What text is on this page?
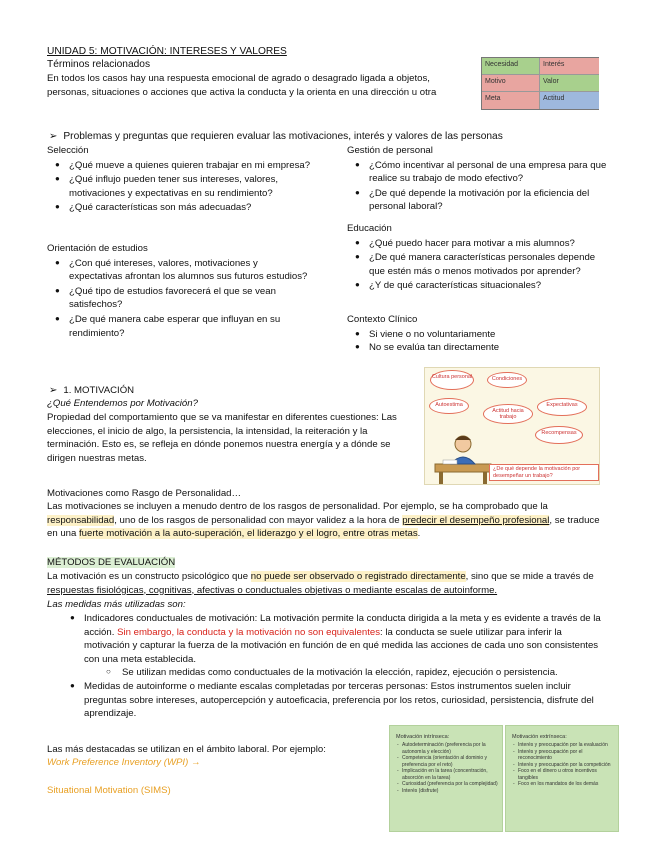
UNIDAD 5: MOTIVACIÓN: INTERESES Y VALORES
Términos relacionados
En todos los casos hay una respuesta emocional de agrado o desagrado ligada a objetos, personas, situaciones o acciones que activa la conducta y la orienta en una dirección u otra
Necesidad	Interés
Motivo	Valor
Meta	Actitud
➢ Problemas y preguntas que requieren evaluar las motivaciones, interés y valores de las personas
Selección
● ¿Qué mueve a quienes quieren trabajar en mi empresa?
● ¿Qué influjo pueden tener sus intereses, valores, motivaciones y expectativas en su rendimiento?
● ¿Qué características son más adecuadas?
Orientación de estudios
● ¿Con qué intereses, valores, motivaciones y expectativas afrontan los alumnos sus futuros estudios?
● ¿Qué tipo de estudios favorecerá el que se vean satisfechos?
● ¿De qué manera cabe esperar que influyan en su rendimiento?
Gestión de personal
● ¿Cómo incentivar al personal de una empresa para que realice su trabajo de modo efectivo?
● ¿De qué depende la motivación por la eficiencia del personal laboral?
Educación
● ¿Qué puedo hacer para motivar a mis alumnos?
● ¿De qué manera características personales depende que estén más o menos motivados por aprender?
● ¿Y de qué características situacionales?
Contexto Clínico
● Si viene o no voluntariamente
● No se evalúa tan directamente
➢ 1. MOTIVACIÓN
¿Qué Entendemos por Motivación?
Propiedad del comportamiento que se va manifestar en diferentes cuestiones: Las elecciones, el inicio de algo, la persistencia, la intensidad, la reiteración y la terminación. Esto es, se refleja en dónde ponemos nuestra energía y a dónde se dirigen nuestras metas.
Cultura personal	Condiciones
Autoestima
Actitud hacia trabajo
Expectativas
Recompensas
¿De qué depende la motivación por desempeñar un trabajo?
Motivaciones como Rasgo de Personalidad…
Las motivaciones se incluyen a menudo dentro de los rasgos de personalidad. Por ejemplo, se ha comprobado que la responsabilidad, uno de los rasgos de personalidad con mayor validez a la hora de predecir el desempeño profesional, se traduce en una fuerte motivación a la auto-superación, el liderazgo y el logro, entre otras metas.
MÉTODOS DE EVALUACIÓN
La motivación es un constructo psicológico que no puede ser observado o registrado directamente, sino que se mide a través de respuestas fisiológicas, cognitivas, afectivas o conductuales objetivas o mediante escalas de autoinforme.
Las medidas más utilizadas son:
● Indicadores conductuales de motivación: La motivación permite la conducta dirigida a la meta y es evidente a través de la acción. Sin embargo, la conducta y la motivación no son equivalentes: la conducta se suele utilizar para inferir la motivación y capturar la fuerza de la motivación en función de en qué medida las acciones de cada uno son consistentes con una meta establecida.
○ Se utilizan medidas como conductuales de la motivación la elección, rapidez, ejecución o persistencia.
● Medidas de autoinforme o mediante escalas completadas por terceras personas: Estos instrumentos suelen incluir preguntas sobre intereses, autopercepción y autoeficacia, preferencia por los retos, curiosidad, persistencia, disfrute del aprendizaje.
Las más destacadas se utilizan en el ámbito laboral. Por ejemplo:
Work Preference Inventory (WPI) →
Situational Motivation (SIMS)
Motivación intrínseca:
- Autodeterminación (preferencia por la autonomía y elección)
- Competencia (orientación al dominio y preferencia por el reto)
- Implicación en la tarea (concentración, absorción en la tarea)
- Curiosidad (preferencia por la complejidad)
- Interés (disfrute)
Motivación extrínseca:
- Interés y preocupación por la evaluación
- Interés y preocupación por el reconocimiento
- Interés y preocupación por la competición
- Foco en el dinero u otros incentivos tangibles
- Foco en los mandatos de los demás
